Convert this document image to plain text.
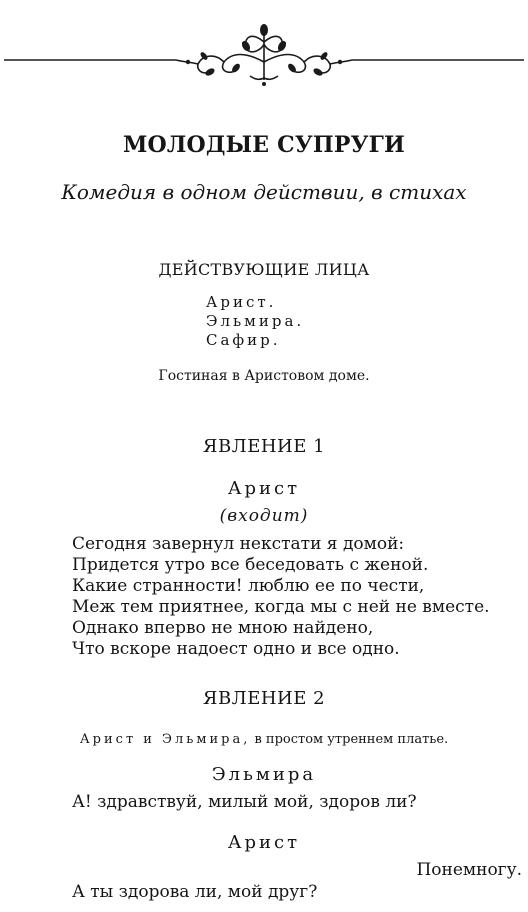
МОЛОДЫЕ СУПРУГИ
Комедия в одном действии, в стихах
ДЕЙСТВУЮЩИЕ ЛИЦА
Арист.
Эльмира.
Сафир.
Гостиная в Аристовом доме.
ЯВЛЕНИЕ 1
Арист
(входит)
Сегодня завернул некстати я домой:
Придется утро все беседовать с женой.
Какие странности! люблю ее по чести,
Меж тем приятнее, когда мы с ней не вместе.
Однако вперво не мною найдено,
Что вскоре надоест одно и все одно.
ЯВЛЕНИЕ 2
Арист и Эльмира, в простом утреннем платье.
Эльмира
А! здравствуй, милый мой, здоров ли?
Арист
Понемногу.
А ты здорова ли, мой друг?
